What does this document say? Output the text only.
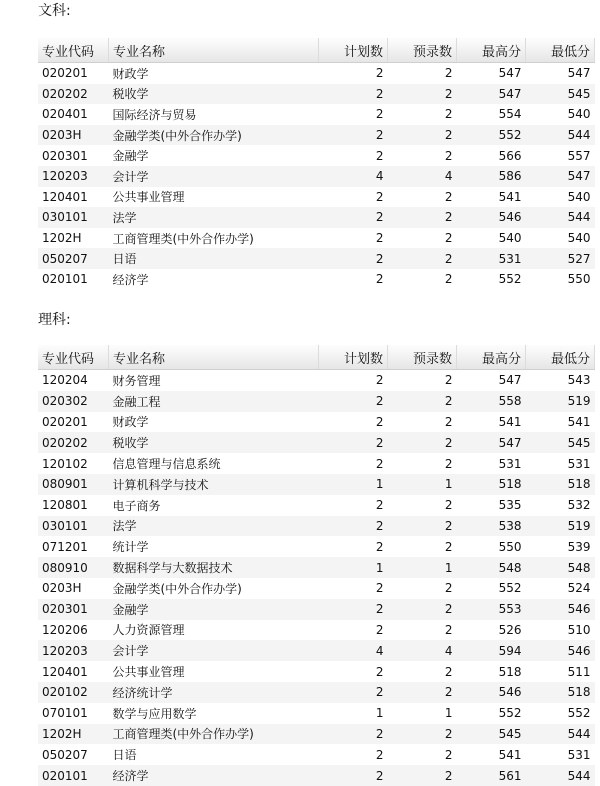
文科:
专业代码	专业名称	计划数	预录数	最高分	最低分
020201	财政学	2	2	547	547
020202	税收学	2	2	547	545
020401	国际经济与贸易	2	2	554	540
0203H	金融学类(中外合作办学)	2	2	552	544
020301	金融学	2	2	566	557
120203	会计学	4	4	586	547
120401	公共事业管理	2	2	541	540
030101	法学	2	2	546	544
1202H	工商管理类(中外合作办学)	2	2	540	540
050207	日语	2	2	531	527
020101	经济学	2	2	552	550
理科:
专业代码	专业名称	计划数	预录数	最高分	最低分
120204	财务管理	2	2	547	543
020302	金融工程	2	2	558	519
020201	财政学	2	2	541	541
020202	税收学	2	2	547	545
120102	信息管理与信息系统	2	2	531	531
080901	计算机科学与技术	1	1	518	518
120801	电子商务	2	2	535	532
030101	法学	2	2	538	519
071201	统计学	2	2	550	539
080910	数据科学与大数据技术	1	1	548	548
0203H	金融学类(中外合作办学)	2	2	552	524
020301	金融学	2	2	553	546
120206	人力资源管理	2	2	526	510
120203	会计学	4	4	594	546
120401	公共事业管理	2	2	518	511
020102	经济统计学	2	2	546	518
070101	数学与应用数学	1	1	552	552
1202H	工商管理类(中外合作办学)	2	2	545	544
050207	日语	2	2	541	531
020101	经济学	2	2	561	544
